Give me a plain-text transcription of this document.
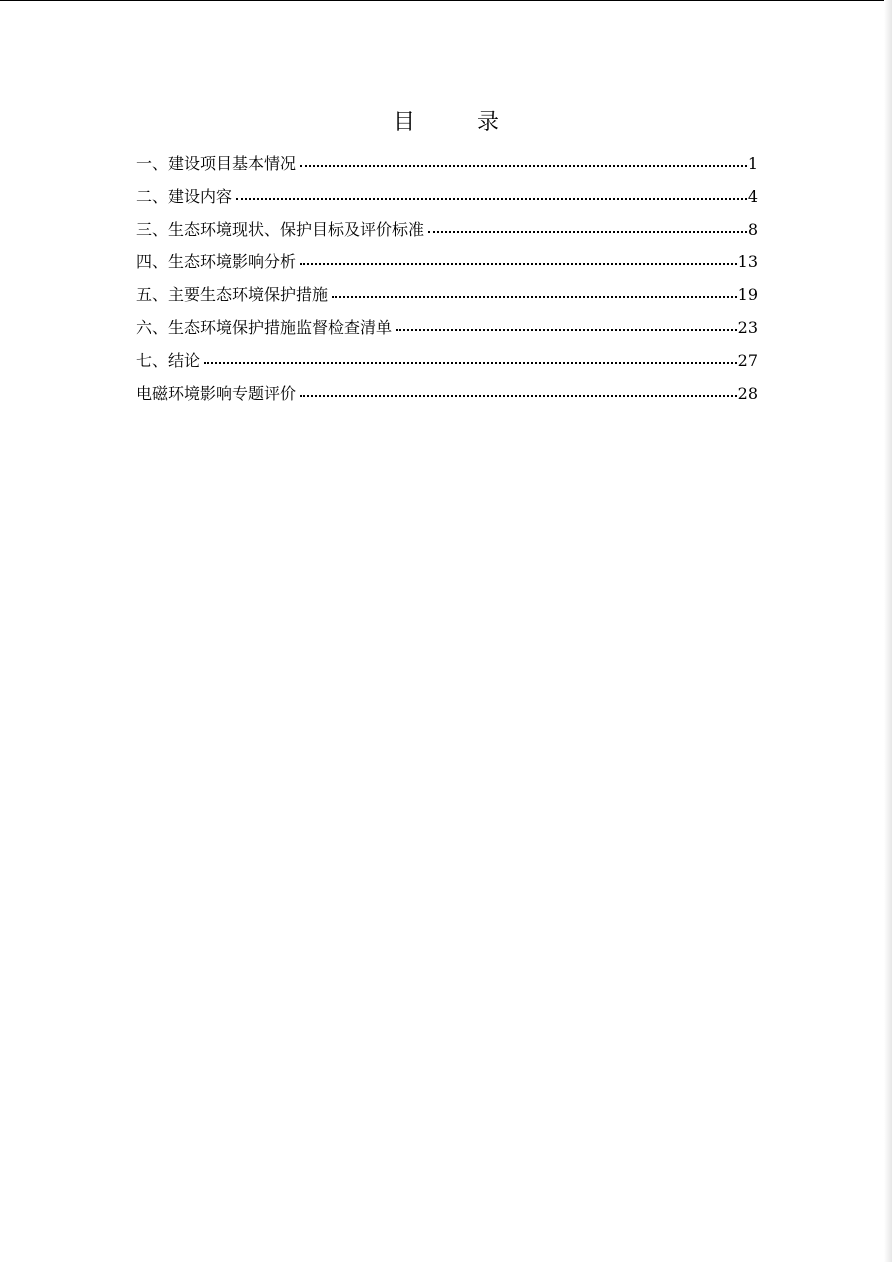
目　录
一、建设项目基本情况	1
二、建设内容	4
三、生态环境现状、保护目标及评价标准	8
四、生态环境影响分析	13
五、主要生态环境保护措施	19
六、生态环境保护措施监督检查清单	23
七、结论	27
电磁环境影响专题评价	28
